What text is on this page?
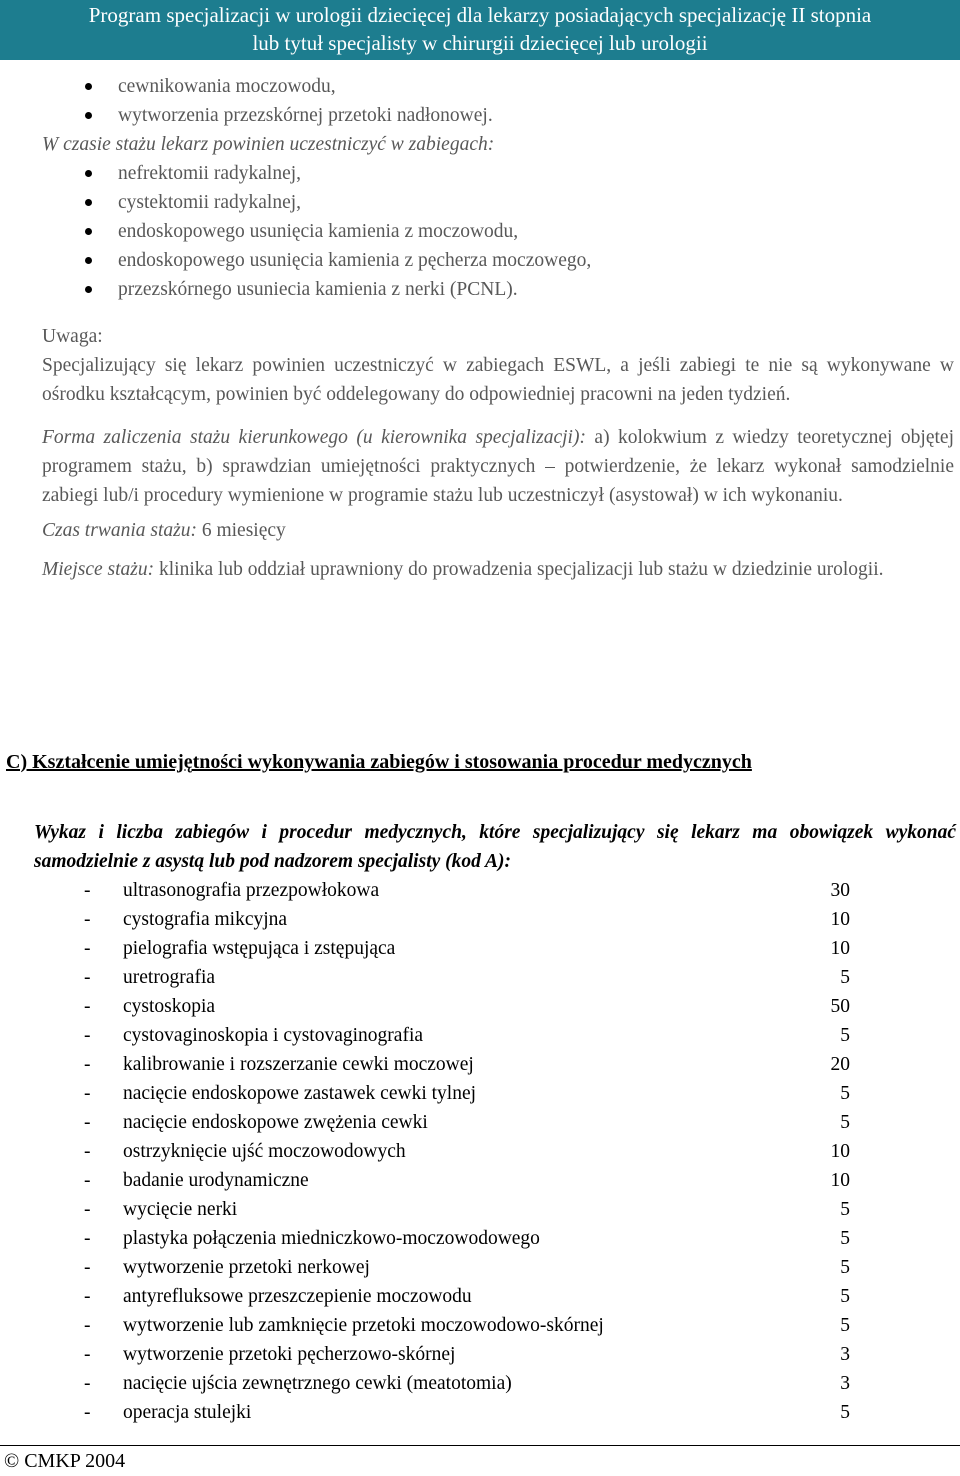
Program specjalizacji w urologii dziecięcej dla lekarzy posiadających specjalizację II stopnia
lub tytuł specjalisty w chirurgii dziecięcej lub urologii
cewnikowania moczowodu,
wytworzenia przezskórnej przetoki nadłonowej.

W czasie stażu lekarz powinien uczestniczyć w zabiegach:

nefrektomii radykalnej,
cystektomii radykalnej,
endoskopowego usunięcia kamienia z moczowodu,
endoskopowego usunięcia kamienia z pęcherza moczowego,
przezskórnego usuniecia kamienia z nerki (PCNL).

Uwaga:

Specjalizujący się lekarz powinien uczestniczyć w zabiegach ESWL, a jeśli zabiegi te nie są wykonywane w ośrodku kształcącym, powinien być oddelegowany do odpowiedniej pracowni na jeden tydzień.

Forma zaliczenia stażu kierunkowego (u kierownika specjalizacji): a) kolokwium z wiedzy teoretycznej objętej programem stażu, b) sprawdzian umiejętności praktycznych – potwierdzenie, że lekarz wykonał samodzielnie zabiegi lub/i procedury wymienione w programie stażu lub uczestniczył (asystował) w ich wykonaniu.

Czas trwania stażu: 6 miesięcy

Miejsce stażu: klinika lub oddział uprawniony do prowadzenia specjalizacji lub stażu w dziedzinie urologii.

C) Kształcenie umiejętności wykonywania zabiegów i stosowania procedur medycznych

Wykaz i liczba zabiegów i procedur medycznych, które specjalizujący się lekarz ma obowiązek wykonać samodzielnie z asystą lub pod nadzorem specjalisty (kod A):

- ultrasonografia przezpowłokowa	30
- cystografia mikcyjna	10
- pielografia wstępująca i zstępująca	10
- uretrografia	5
- cystoskopia	50
- cystovaginoskopia i cystovaginografia	5
- kalibrowanie i rozszerzanie cewki moczowej	20
- nacięcie endoskopowe zastawek cewki tylnej	5
- nacięcie endoskopowe zwężenia cewki	5
- ostrzyknięcie ujść moczowodowych	10
- badanie urodynamiczne	10
- wycięcie nerki	5
- plastyka połączenia miedniczkowo-moczowodowego	5
- wytworzenie przetoki nerkowej	5
- antyrefluksowe przeszczepienie moczowodu	5
- wytworzenie lub zamknięcie przetoki moczowodowo-skórnej	5
- wytworzenie przetoki pęcherzowo-skórnej	3
- nacięcie ujścia zewnętrznego cewki (meatotomia)	3
- operacja stulejki	5
© CMKP 2004
